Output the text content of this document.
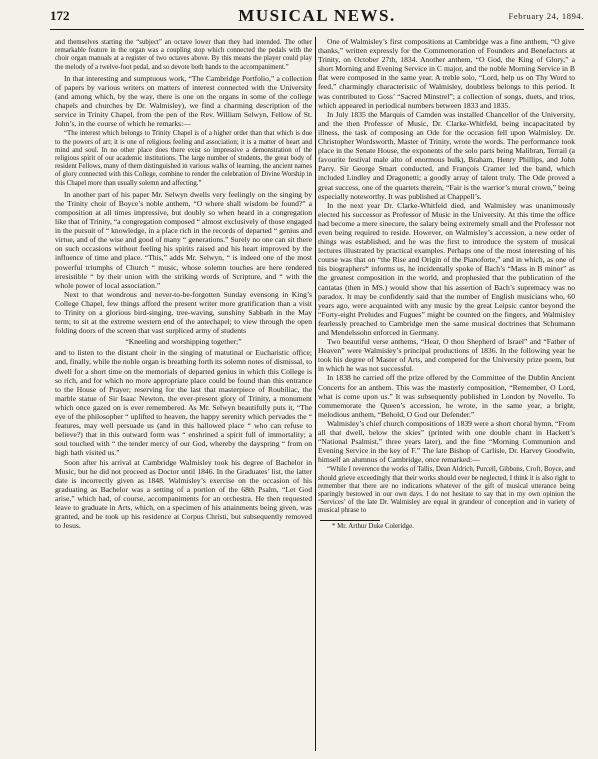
172	MUSICAL NEWS.	February 24, 1894.

and themselves starting the “subject” an octave lower than they had intended. The other remarkable feature in the organ was a coupling stop which connected the pedals with the choir organ manuals at a register of two octaves above. By this means the player could play the melody of a twelve-foot pedal, and so devote both hands to the accompaniment.”

In that interesting and sumptuous work, “The Cambridge Portfolio,” a collection of papers by various writers on matters of interest connected with the University (and among which, by the way, there is one on the organs in some of the college chapels and churches by Dr. Walmisley), we find a charming description of the service in Trinity Chapel, from the pen of the Rev. William Selwyn, Fellow of St. John’s, in the course of which he remarks:—

“The interest which belongs to Trinity Chapel is of a higher order than that which is due to the powers of art; it is one of religious feeling and association; it is a matter of heart and mind and soul. In no other place does there exist so impressive a demonstration of the religious spirit of our academic institutions. The large number of students, the great body of resident Fellows, many of them distinguished in various walks of learning, the ancient names of glory connected with this College, combine to render the celebration of Divine Worship in this Chapel more than usually solemn and affecting.”

In another part of his paper Mr. Selwyn dwells very feelingly on the singing by the Trinity choir of Boyce’s noble anthem, “O where shall wisdom be found?” a composition at all times impressive, but doubly so when heard in a congregation like that of Trinity, “a congregation composed “ almost exclusively of those engaged in the pursuit of “ knowledge, in a place rich in the records of departed “ genius and virtue, and of the wise and good of many “ generations.” Surely no one can sit there on such occasions without feeling his spirits raised and his heart improved by the influence of time and place. “This,” adds Mr. Selwyn, “ is indeed one of the most powerful triumphs of Church “ music, whose solemn touches are here rendered irresistible “ by their union with the striking words of Scripture, and “ with the whole power of local association.”

Next to that wondrous and never-to-be-forgotten Sunday evensong in King’s College Chapel, few things afford the present writer more gratification than a visit to Trinity on a glorious bird-singing, tree-waving, sunshiny Sabbath in the May term; to sit at the extreme western end of the antechapel; to view through the open folding doors of the screen that vast surpliced army of students

“Kneeling and worshipping together;”

and to listen to the distant choir in the singing of matutinal or Eucharistic office; and, finally, while the noble organ is breathing forth its solemn notes of dismissal, to dwell for a short time on the memorials of departed genius in which this College is so rich, and for which no more appropriate place could be found than this entrance to the House of Prayer; reserving for the last that masterpiece of Roubiliac, the marble statue of Sir Isaac Newton, the ever-present glory of Trinity, a monument which once gazed on is ever remembered. As Mr. Selwyn beautifully puts it, “The eye of the philosopher “ uplifted to heaven, the happy serenity which pervades the “ features, may well persuade us (and in this hallowed place “ who can refuse to believe?) that in this outward form was “ enshrined a spirit full of immortality; a soul touched with “ the tender mercy of our God, whereby the dayspring “ from on high hath visited us.”

Soon after his arrival at Cambridge Walmisley took his degree of Bachelor in Music, but he did not proceed as Doctor until 1846. In the Graduates’ list, the latter date is incorrectly given as 1848. Walmisley’s exercise on the occasion of his graduating as Bachelor was a setting of a portion of the 68th Psalm, “Let God arise,” which had, of course, accompaniments for an orchestra. He then requested leave to graduate in Arts, which, on a specimen of his attainments being given, was granted, and he took up his residence at Corpus Christi, but subsequently removed to Jesus.

One of Walmisley’s first compositions at Cambridge was a fine anthem, “O give thanks,” written expressly for the Commemoration of Founders and Benefactors at Trinity, on October 27th, 1834. Another anthem, “O God, the King of Glory,” a short Morning and Evening Service in C major, and the noble Morning Service in B flat were composed in the same year. A treble solo, “Lord, help us on Thy Word to feed,” charmingly characteristic of Walmisley, doubtless belongs to this period. It was contributed to Goss’ “Sacred Minstrel”; a collection of songs, duets, and trios, which appeared in periodical numbers between 1833 and 1835.

In July 1835 the Marquis of Camden was installed Chancellor of the University, and the then Professor of Music, Dr. Clarke-Whitfeld, being incapacitated by illness, the task of composing an Ode for the occasion fell upon Walmisley. Dr. Christopher Wordsworth, Master of Trinity, wrote the words. The performance took place in the Senate House, the exponents of the solo parts being Malibran, Terrail (a favourite festival male alto of enormous bulk), Braham, Henry Phillips, and John Parry. Sir George Smart conducted, and François Cramer led the band, which included Lindley and Dragonetti; a goodly array of talent truly. The Ode proved a great success, one of the quartets therein, “Fair is the warrior’s mural crown,” being especially noteworthy. It was published at Chappell’s.

In the next year Dr. Clarke-Whitfeld died, and Walmisley was unanimously elected his successor as Professor of Music in the University. At this time the office had become a mere sinecure, the salary being extremely small and the Professor not even being required to reside. However, on Walmisley’s accession, a new order of things was established, and he was the first to introduce the system of musical lectures illustrated by practical examples. Perhaps one of the most interesting of his course was that on “the Rise and Origin of the Pianoforte,” and in which, as one of his biographers* informs us, he incidentally spoke of Bach’s “Mass in B minor” as the greatest composition in the world, and prophesied that the publication of the cantatas (then in MS.) would show that his assertion of Bach’s supremacy was no paradox. It may be confidently said that the number of English musicians who, 60 years ago, were acquainted with any music by the great Leipsic cantor beyond the “Forty-eight Preludes and Fugues” might be counted on the fingers, and Walmisley fearlessly preached to Cambridge men the same musical doctrines that Schumann and Mendelssohn enforced in Germany.

Two beautiful verse anthems, “Hear, O thou Shepherd of Israel” and “Father of Heaven” were Walmisley’s principal productions of 1836. In the following year he took his degree of Master of Arts, and competed for the University prize poem, but in which he was not successful.

In 1838 he carried off the prize offered by the Committee of the Dublin Ancient Concerts for an anthem. This was the masterly composition, “Remember, O Lord, what is come upon us.” It was subsequently published in London by Novello. To commemorate the Queen’s accession, he wrote, in the same year, a bright, melodious anthem, “Behold, O God our Defender.”

Walmisley’s chief church compositions of 1839 were a short choral hymn, “From all that dwell, below the skies” (printed with one double chant in Hackett’s “National Psalmist,” three years later), and the fine “Morning Communion and Evening Service in the key of F.” The late Bishop of Carlisle, Dr. Harvey Goodwin, himself an alumnus of Cambridge, once remarked:—

“While I reverence the works of Tallis, Dean Aldrich, Purcell, Gibbons, Croft, Boyce, and should grieve exceedingly that their works should ever be neglected, I think it is also right to remember that there are no indications whatever of the gift of musical utterance being sparingly bestowed in our own days. I do not hesitate to say that in my own opinion the ‘Services’ of the late Dr. Walmisley are equal in grandeur of conception and in variety of musical phrase to

* Mr. Arthur Duke Coleridge.
